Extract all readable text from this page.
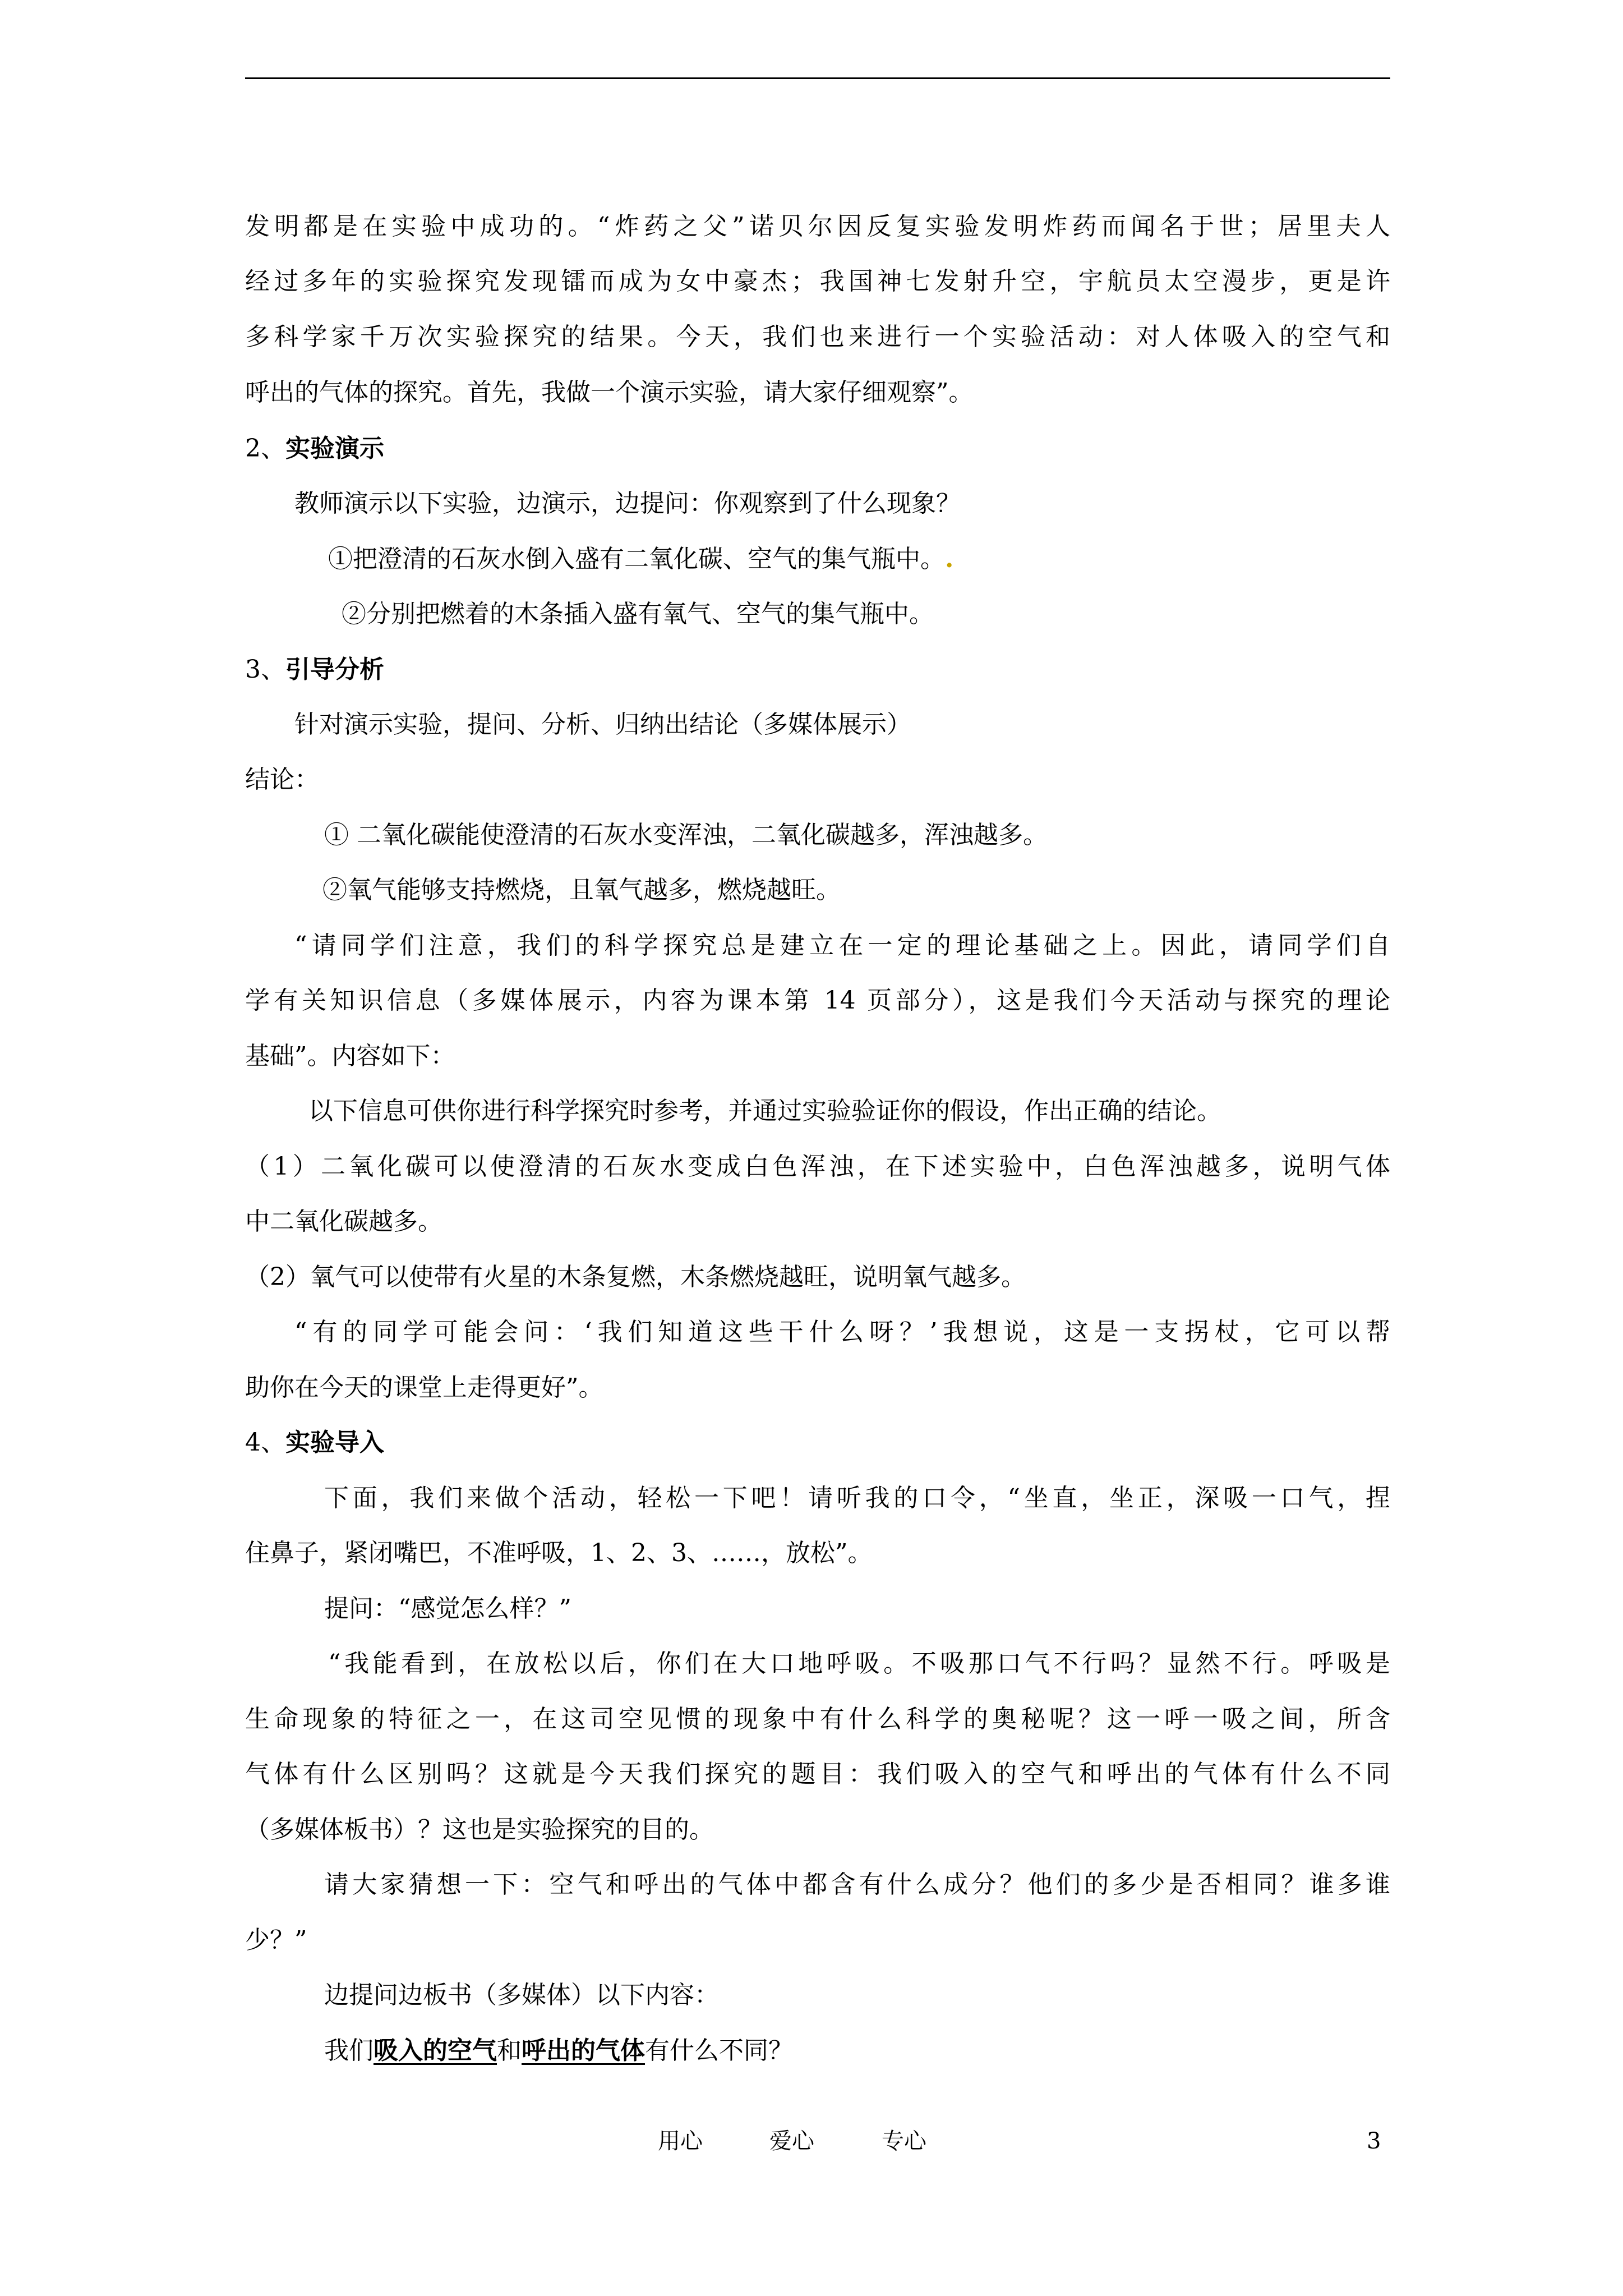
发明都是在实验中成功的。“炸药之父”诺贝尔因反复实验发明炸药而闻名于世；居里夫人
经过多年的实验探究发现镭而成为女中豪杰；我国神七发射升空，宇航员太空漫步，更是许
多科学家千万次实验探究的结果。今天，我们也来进行一个实验活动：对人体吸入的空气和
呼出的气体的探究。首先，我做一个演示实验，请大家仔细观察”。
2、实验演示
教师演示以下实验，边演示，边提问：你观察到了什么现象？
①把澄清的石灰水倒入盛有二氧化碳、空气的集气瓶中。.
②分别把燃着的木条插入盛有氧气、空气的集气瓶中。
3、引导分析
针对演示实验，提问、分析、归纳出结论（多媒体展示）
结论：
① 二氧化碳能使澄清的石灰水变浑浊，二氧化碳越多，浑浊越多。
②氧气能够支持燃烧，且氧气越多，燃烧越旺。
“请同学们注意，我们的科学探究总是建立在一定的理论基础之上。因此，请同学们自
学有关知识信息（多媒体展示，内容为课本第 14 页部分），这是我们今天活动与探究的理论
基础”。内容如下：
以下信息可供你进行科学探究时参考，并通过实验验证你的假设，作出正确的结论。
（1）二氧化碳可以使澄清的石灰水变成白色浑浊，在下述实验中，白色浑浊越多，说明气体
中二氧化碳越多。
（2）氧气可以使带有火星的木条复燃，木条燃烧越旺，说明氧气越多。
“有的同学可能会问：‘我们知道这些干什么呀？’我想说，这是一支拐杖，它可以帮
助你在今天的课堂上走得更好”。
4、实验导入
下面，我们来做个活动，轻松一下吧！请听我的口令，“坐直，坐正，深吸一口气，捏
住鼻子，紧闭嘴巴，不准呼吸，1、2、3、……，放松”。
提问：“感觉怎么样？”
“我能看到，在放松以后，你们在大口地呼吸。不吸那口气不行吗？显然不行。呼吸是
生命现象的特征之一，在这司空见惯的现象中有什么科学的奥秘呢？这一呼一吸之间，所含
气体有什么区别吗？这就是今天我们探究的题目：我们吸入的空气和呼出的气体有什么不同
（多媒体板书）？这也是实验探究的目的。
请大家猜想一下：空气和呼出的气体中都含有什么成分？他们的多少是否相同？谁多谁
少？”
边提问边板书（多媒体）以下内容：
我们吸入的空气和呼出的气体有什么不同？
用心	爱心	专心	3
